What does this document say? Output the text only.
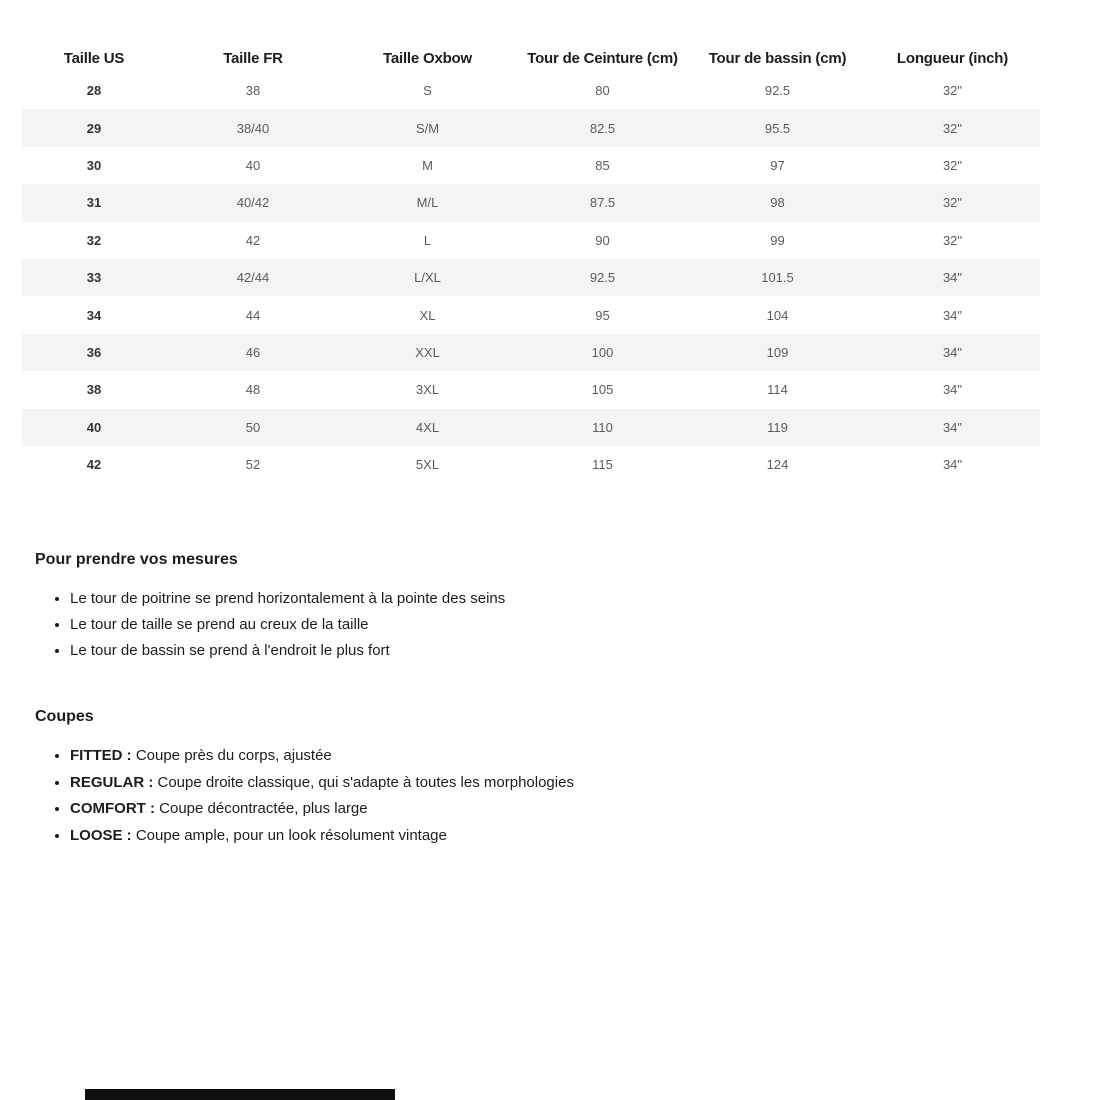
Taille US	Taille FR	Taille Oxbow	Tour de Ceinture (cm)	Tour de bassin (cm)	Longueur (inch)
28	38	S	80	92.5	32"
29	38/40	S/M	82.5	95.5	32"
30	40	M	85	97	32"
31	40/42	M/L	87.5	98	32"
32	42	L	90	99	32"
33	42/44	L/XL	92.5	101.5	34"
34	44	XL	95	104	34"
36	46	XXL	100	109	34"
38	48	3XL	105	114	34"
40	50	4XL	110	119	34"
42	52	5XL	115	124	34"
Pour prendre vos mesures
• Le tour de poitrine se prend horizontalement à la pointe des seins
• Le tour de taille se prend au creux de la taille
• Le tour de bassin se prend à l'endroit le plus fort
Coupes
• FITTED : Coupe près du corps, ajustée
• REGULAR : Coupe droite classique, qui s'adapte à toutes les morphologies
• COMFORT : Coupe décontractée, plus large
• LOOSE : Coupe ample, pour un look résolument vintage
